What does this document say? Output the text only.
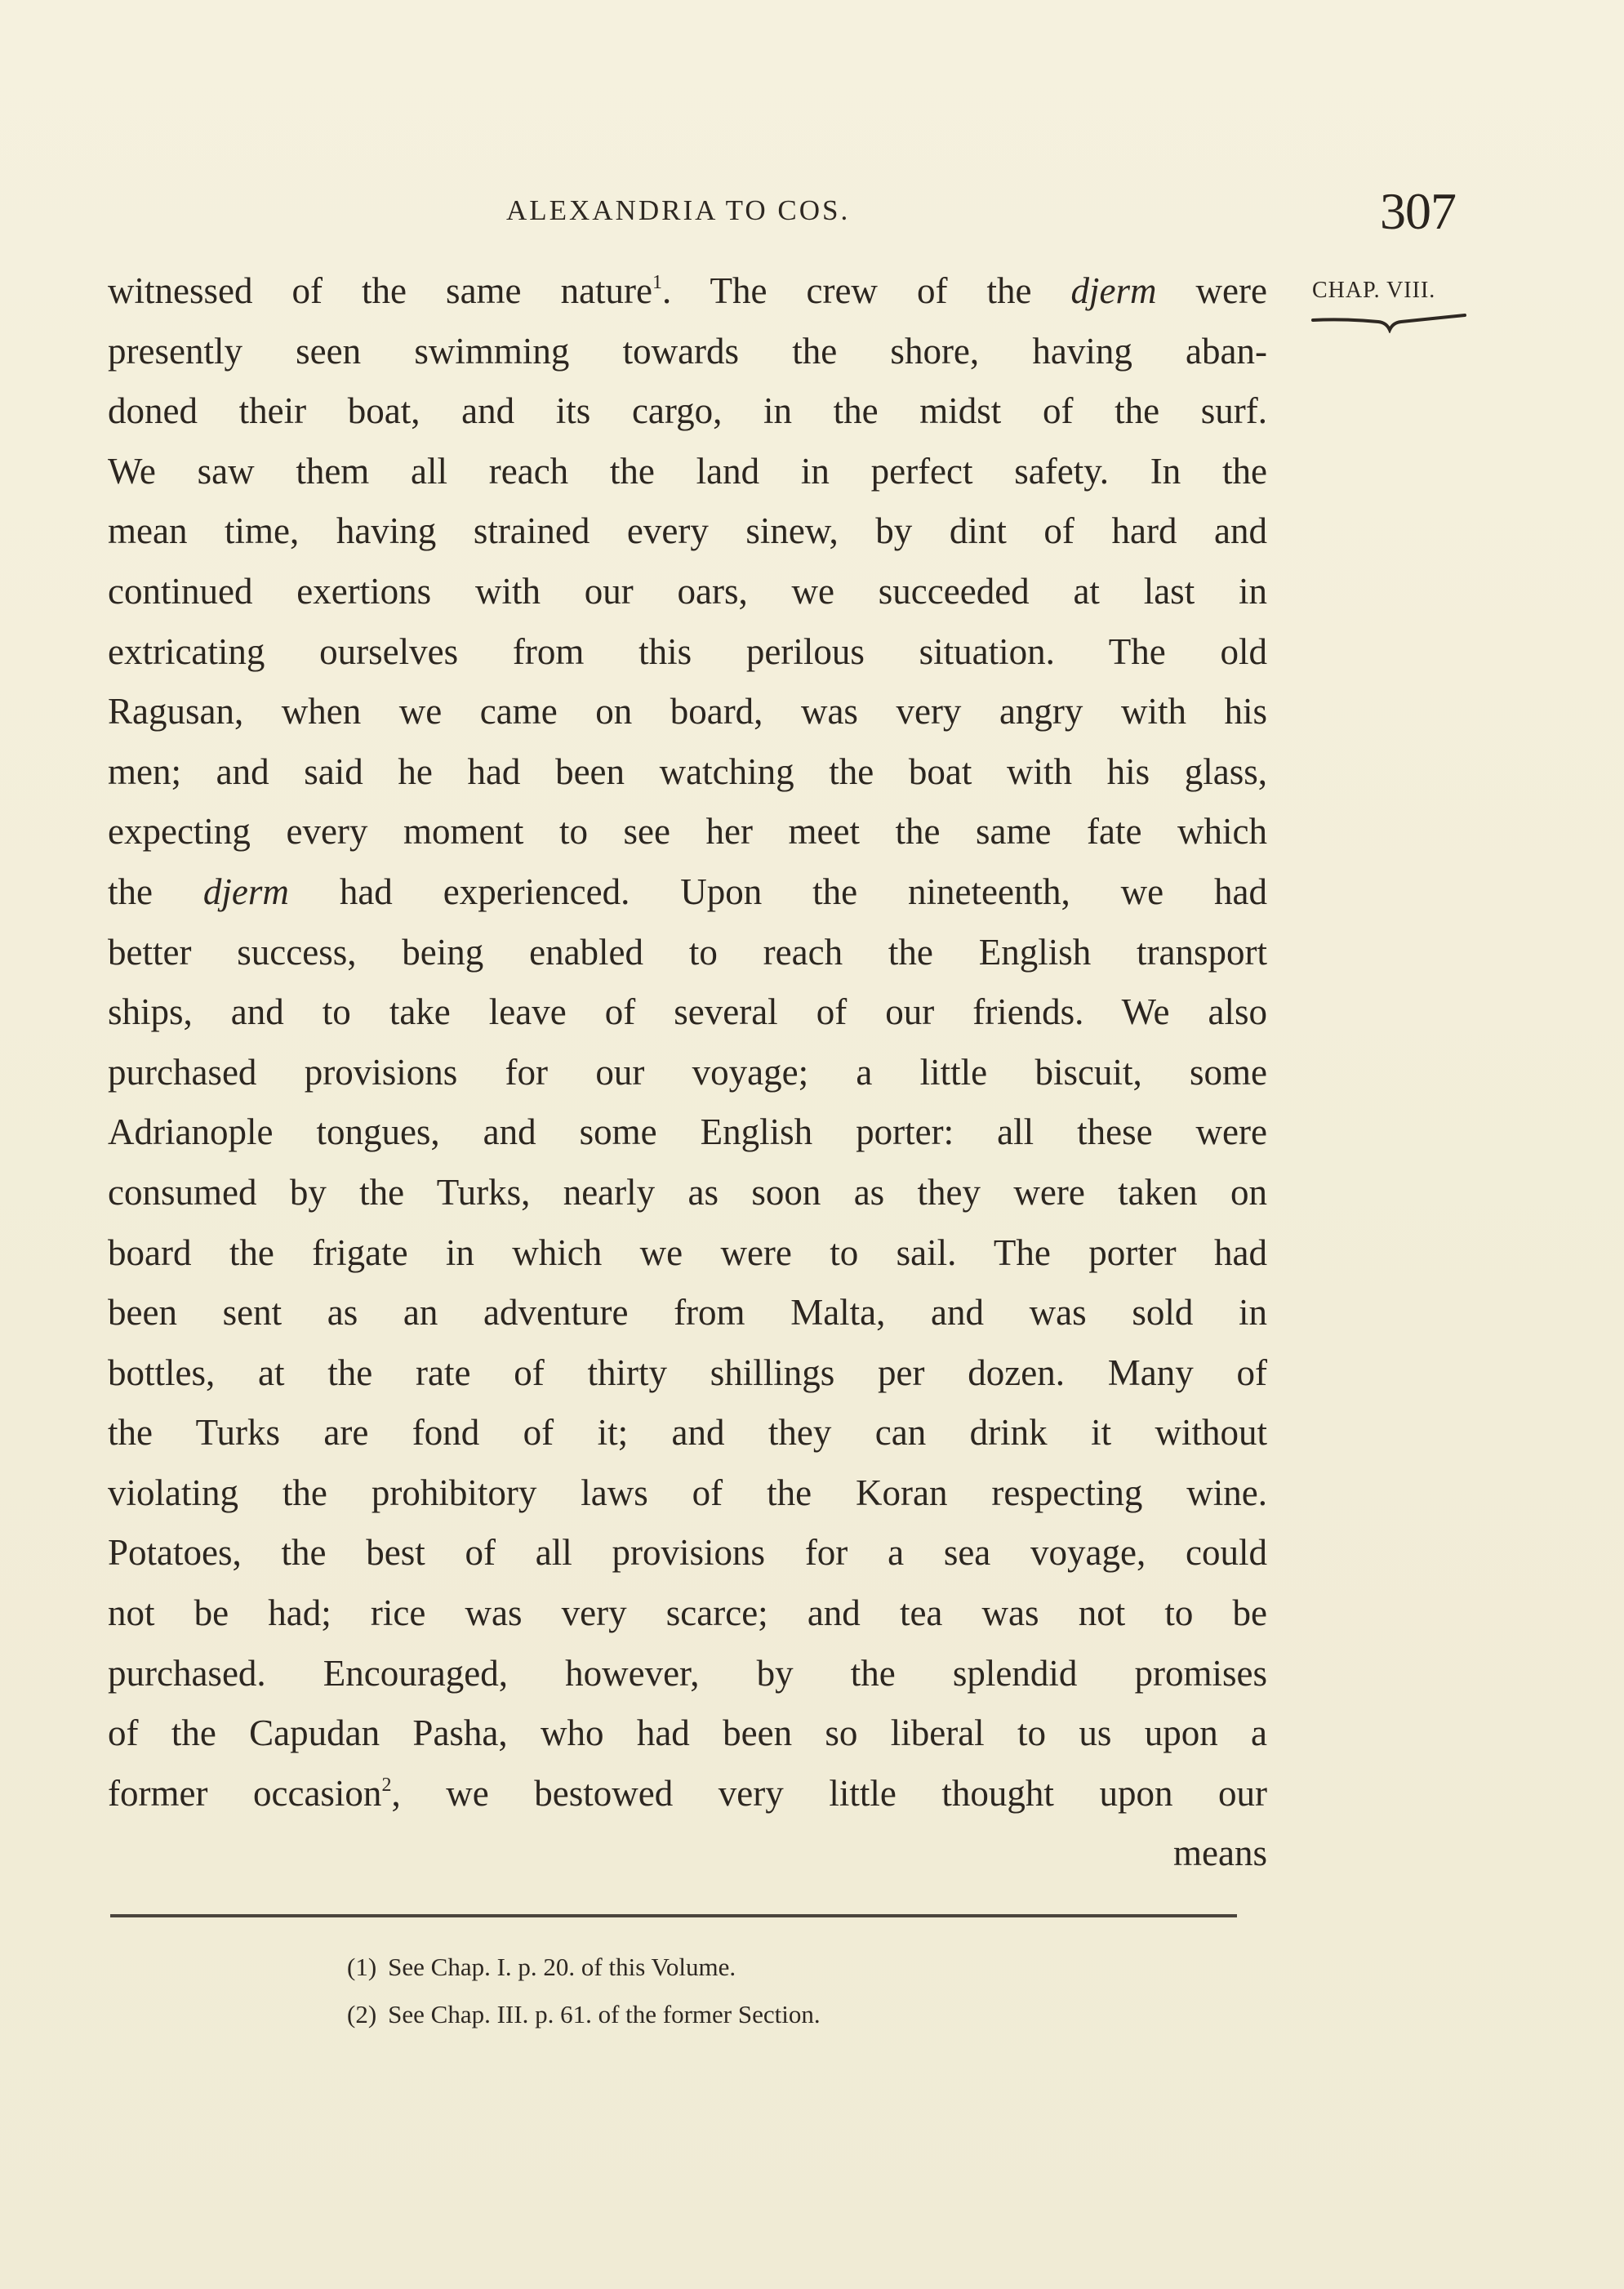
ALEXANDRIA TO COS.	307
CHAP. VIII.
witnessed of the same nature$^1$. The crew of the djerm were
presently seen swimming towards the shore, having aban-
doned their boat, and its cargo, in the midst of the surf.
We saw them all reach the land in perfect safety. In the
mean time, having strained every sinew, by dint of hard and
continued exertions with our oars, we succeeded at last in
extricating ourselves from this perilous situation. The old
Ragusan, when we came on board, was very angry with his
men; and said he had been watching the boat with his glass,
expecting every moment to see her meet the same fate which
the djerm had experienced. Upon the nineteenth, we had
better success, being enabled to reach the English transport
ships, and to take leave of several of our friends. We also
purchased provisions for our voyage; a little biscuit, some
Adrianople tongues, and some English porter: all these were
consumed by the Turks, nearly as soon as they were taken on
board the frigate in which we were to sail. The porter had
been sent as an adventure from Malta, and was sold in
bottles, at the rate of thirty shillings per dozen. Many of
the Turks are fond of it; and they can drink it without
violating the prohibitory laws of the Koran respecting wine.
Potatoes, the best of all provisions for a sea voyage, could
not be had; rice was very scarce; and tea was not to be
purchased. Encouraged, however, by the splendid promises
of the Capudan Pasha, who had been so liberal to us upon a
former occasion$^2$, we bestowed very little thought upon our
means
(1) See Chap. I. p. 20. of this Volume.
(2) See Chap. III. p. 61. of the former Section.
